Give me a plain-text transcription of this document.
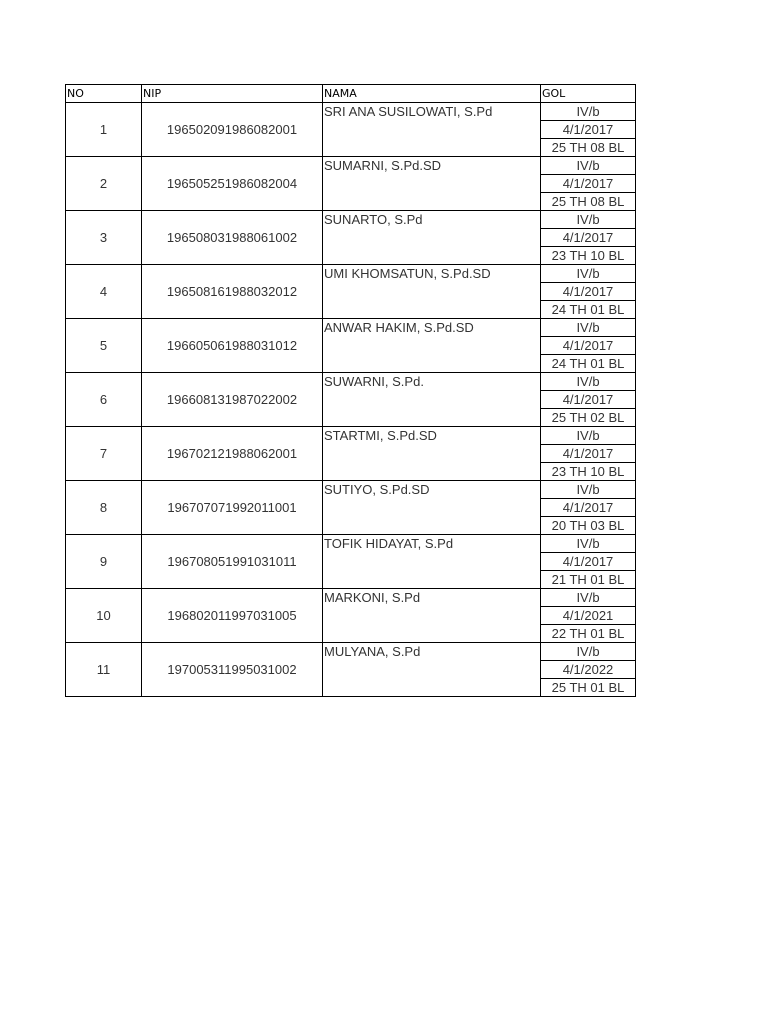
NO	NIP	NAMA	GOL
1	196502091986082001	SRI ANA SUSILOWATI, S.Pd	IV/b
			4/1/2017
			25 TH 08 BL
2	196505251986082004	SUMARNI, S.Pd.SD	IV/b
			4/1/2017
			25 TH 08 BL
3	196508031988061002	SUNARTO, S.Pd	IV/b
			4/1/2017
			23 TH 10 BL
4	196508161988032012	UMI KHOMSATUN, S.Pd.SD	IV/b
			4/1/2017
			24 TH 01 BL
5	196605061988031012	ANWAR HAKIM, S.Pd.SD	IV/b
			4/1/2017
			24 TH 01 BL
6	196608131987022002	SUWARNI, S.Pd.	IV/b
			4/1/2017
			25 TH 02 BL
7	196702121988062001	STARTMI, S.Pd.SD	IV/b
			4/1/2017
			23 TH 10 BL
8	196707071992011001	SUTIYO, S.Pd.SD	IV/b
			4/1/2017
			20 TH 03 BL
9	196708051991031011	TOFIK HIDAYAT, S.Pd	IV/b
			4/1/2017
			21 TH 01 BL
10	196802011997031005	MARKONI, S.Pd	IV/b
			4/1/2021
			22 TH 01 BL
11	197005311995031002	MULYANA, S.Pd	IV/b
			4/1/2022
			25 TH 01 BL
